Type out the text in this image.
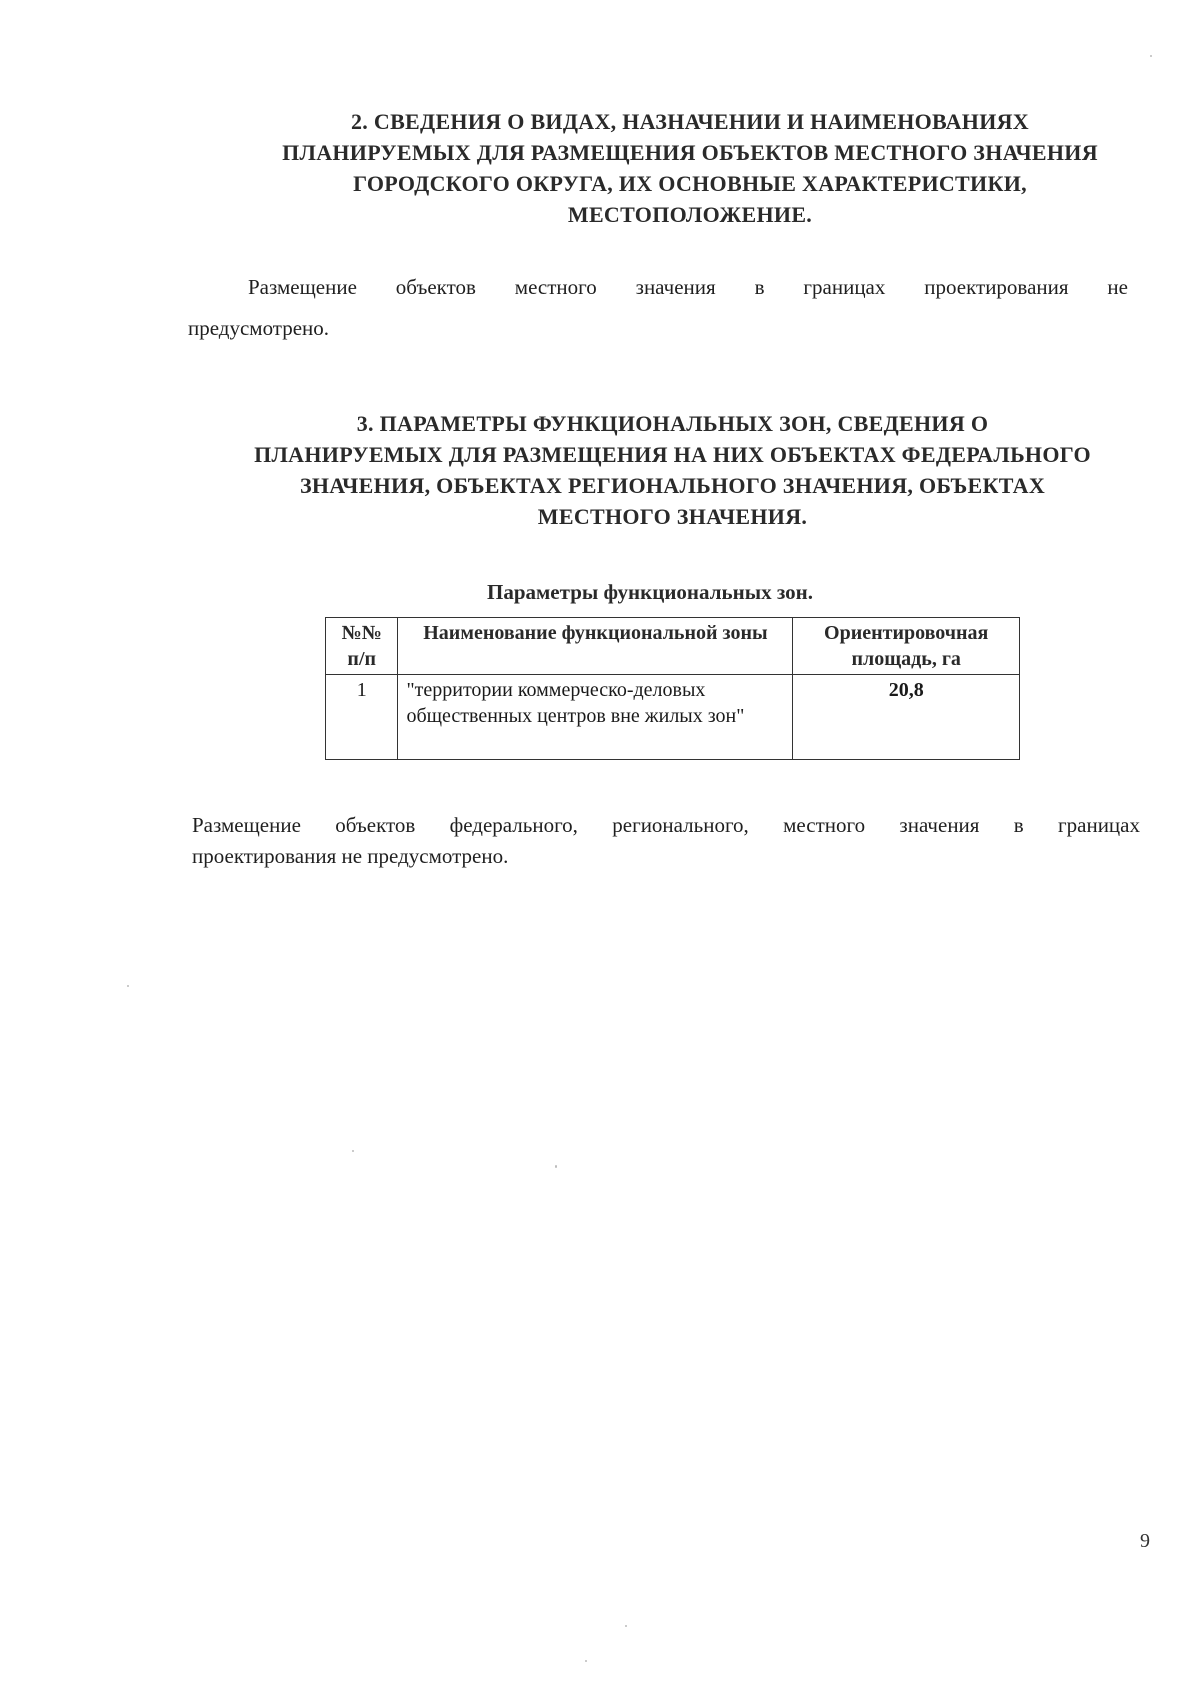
2. СВЕДЕНИЯ О ВИДАХ, НАЗНАЧЕНИИ И НАИМЕНОВАНИЯХ
ПЛАНИРУЕМЫХ ДЛЯ РАЗМЕЩЕНИЯ ОБЪЕКТОВ МЕСТНОГО ЗНАЧЕНИЯ
ГОРОДСКОГО ОКРУГА, ИХ ОСНОВНЫЕ ХАРАКТЕРИСТИКИ,
МЕСТОПОЛОЖЕНИЕ.
Размещение объектов местного значения в границах проектирования не
предусмотрено.
3. ПАРАМЕТРЫ ФУНКЦИОНАЛЬНЫХ ЗОН, СВЕДЕНИЯ О
ПЛАНИРУЕМЫХ ДЛЯ РАЗМЕЩЕНИЯ НА НИХ ОБЪЕКТАХ ФЕДЕРАЛЬНОГО
ЗНАЧЕНИЯ, ОБЪЕКТАХ РЕГИОНАЛЬНОГО ЗНАЧЕНИЯ, ОБЪЕКТАХ
МЕСТНОГО ЗНАЧЕНИЯ.
Параметры функциональных зон.
№№ п/п	Наименование функциональной зоны	Ориентировочная площадь, га
1	"территории коммерческо-деловых общественных центров вне жилых зон"	20,8
Размещение объектов федерального, регионального, местного значения в границах
проектирования не предусмотрено.
9
